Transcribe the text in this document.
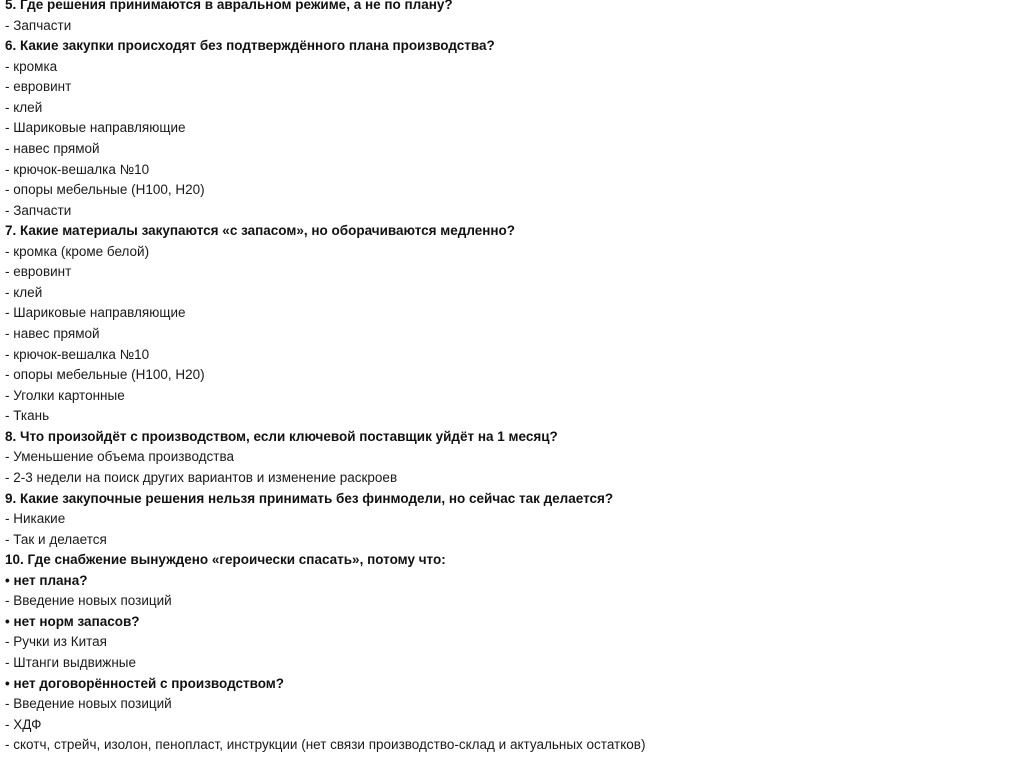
5. Где решения принимаются в авральном режиме, а не по плану?
- Запчасти
6. Какие закупки происходят без подтверждённого плана производства?
- кромка
- евровинт
- клей
- Шариковые направляющие
- навес прямой
- крючок-вешалка №10
- опоры мебельные (Н100, Н20)
- Запчасти
7. Какие материалы закупаются «с запасом», но оборачиваются медленно?
- кромка (кроме белой)
- евровинт
- клей
- Шариковые направляющие
- навес прямой
- крючок-вешалка №10
- опоры мебельные (Н100, Н20)
- Уголки картонные
- Ткань
8. Что произойдёт с производством, если ключевой поставщик уйдёт на 1 месяц?
- Уменьшение объема производства
- 2-3 недели на поиск других вариантов и изменение раскроев
9. Какие закупочные решения нельзя принимать без финмодели, но сейчас так делается?
- Никакие
- Так и делается
10. Где снабжение вынуждено «героически спасать», потому что:
• нет плана?
- Введение новых позиций
• нет норм запасов?
- Ручки из Китая
- Штанги выдвижные
• нет договорённостей с производством?
- Введение новых позиций
- ХДФ
- скотч, стрейч, изолон, пенопласт, инструкции (нет связи производство-склад и актуальных остатков)
